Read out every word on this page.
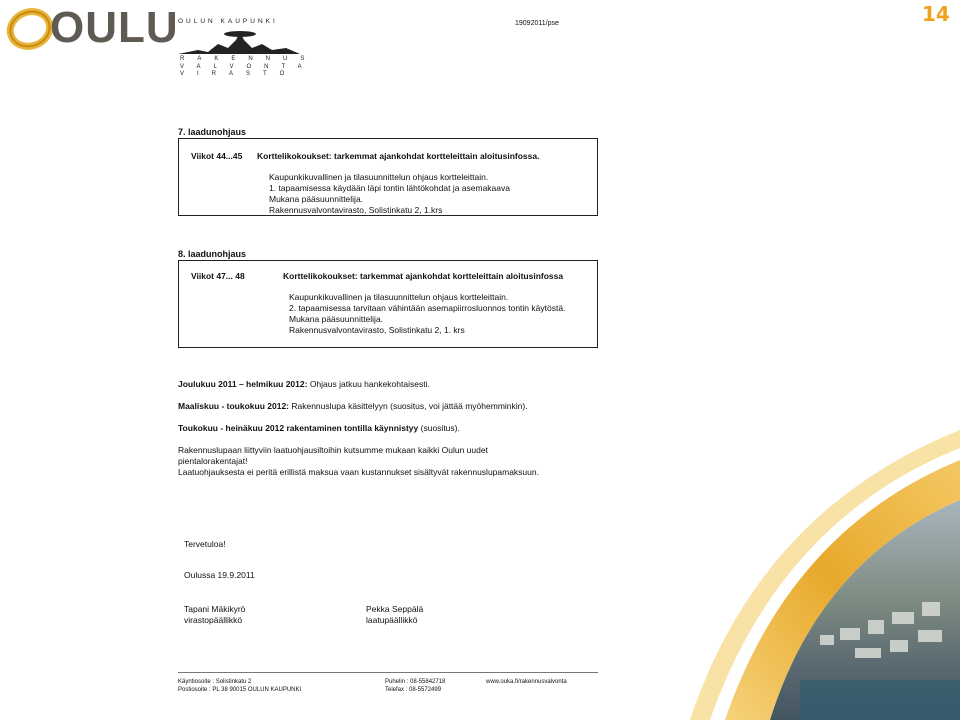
OULU OULUN KAUPUNKI
RAKENNUS
VALVONTA
VIRASTO
19092011/pse	14
7. laadunohjaus
Viikot 44...45 Korttelikokoukset: tarkemmat ajankohdat kortteleittain aloitusinfossa.
Kaupunkikuvallinen ja tilasuunnittelun ohjaus kortteleittain.
1. tapaamisessa käydään läpi tontin lähtökohdat ja asemakaava
Mukana pääsuunnittelija.
Rakennusvalvontavirasto, Solistinkatu 2, 1.krs
8. laadunohjaus
Viikot 47... 48	Korttelikokoukset: tarkemmat ajankohdat kortteleittain aloitusinfossa
Kaupunkikuvallinen ja tilasuunnittelun ohjaus kortteleittain.
2. tapaamisessa tarvitaan vähintään asemapiirrosluonnos tontin käytöstä.
Mukana pääsuunnittelija.
Rakennusvalvontavirasto, Solistinkatu 2, 1. krs
Joulukuu 2011 – helmikuu 2012: Ohjaus jatkuu hankekohtaisesti.
Maaliskuu - toukokuu 2012: Rakennuslupa käsittelyyn (suositus, voi jättää myöhemminkin).
Toukokuu - heinäkuu 2012 rakentaminen tontilla käynnistyy (suositus).
Rakennuslupaan liittyviin laatuohjausiltoihin kutsumme mukaan kaikki Oulun uudet
pientalorakentajat!
Laatuohjauksesta ei peritä erillistä maksua vaan kustannukset sisältyvät rakennuslupamaksuun.
Tervetuloa!
Oulussa 19.9.2011
Tapani Mäkikyrö
virastopäällikkö
Pekka Seppälä
laatupäällikkö
Käyntiosoite : Solistinkatu 2
Postiosoite : PL 38 90015 OULUN KAUPUNKI
Puhelin : 08-55842718
Telefax : 08-5572499
www.ouka.fi/rakennusvalvonta
